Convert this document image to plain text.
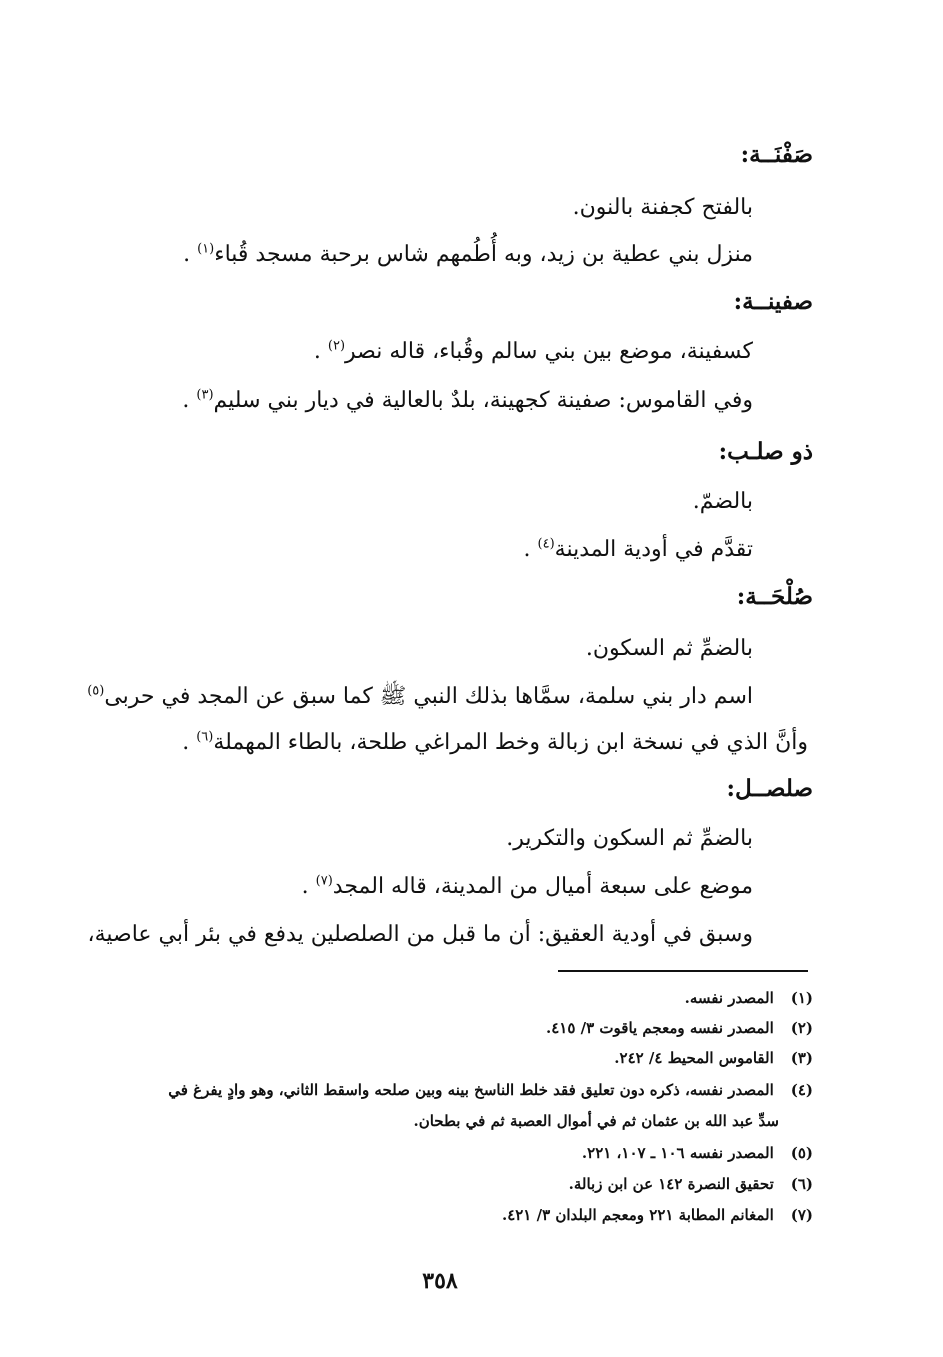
صَفْنَــة:
بالفتح كجفنة بالنون.
منزل بني عطية بن زيد، وبه أُطُمهم شاس برحبة مسجد قُباء$^{(١)}$ .
صفينــة:
كسفينة، موضع بين بني سالم وقُباء، قاله نصر$^{(٢)}$ .
وفي القاموس: صفينة كجهينة، بلدٌ بالعالية في ديار بني سليم$^{(٣)}$ .
ذو صلـب:
بالضمّ.
تقدَّم في أودية المدينة$^{(٤)}$ .
صُلْحَــة:
بالضمِّ ثم السكون.
اسم دار بني سلمة، سمَّاها بذلك النبي ﷺ كما سبق عن المجد في حربى$^{(٥)}$
وأنَّ الذي في نسخة ابن زبالة وخط المراغي طلحة، بالطاء المهملة$^{(٦)}$ .
صلصــل:
بالضمِّ ثم السكون والتكرير.
موضع على سبعة أميال من المدينة، قاله المجد$^{(٧)}$ .
وسبق في أودية العقيق: أن ما قبل من الصلصلين يدفع في بئر أبي عاصية،
(١) المصدر نفسه.
(٢) المصدر نفسه ومعجم ياقوت ٣/ ٤١٥.
(٣) القاموس المحيط ٤/ ٢٤٢.
(٤) المصدر نفسه، ذكره دون تعليق فقد خلط الناسخ بينه وبين صلحه واسقط الثاني، وهو وادٍ يفرغ في
سدِّ عبد الله بن عثمان ثم في أموال العصبة ثم في بطحان.
(٥) المصدر نفسه ١٠٦ ـ ١٠٧، ٢٢١.
(٦) تحقيق النصرة ١٤٢ عن ابن زبالة.
(٧) المغانم المطابة ٢٢١ ومعجم البلدان ٣/ ٤٢١.
٣٥٨
